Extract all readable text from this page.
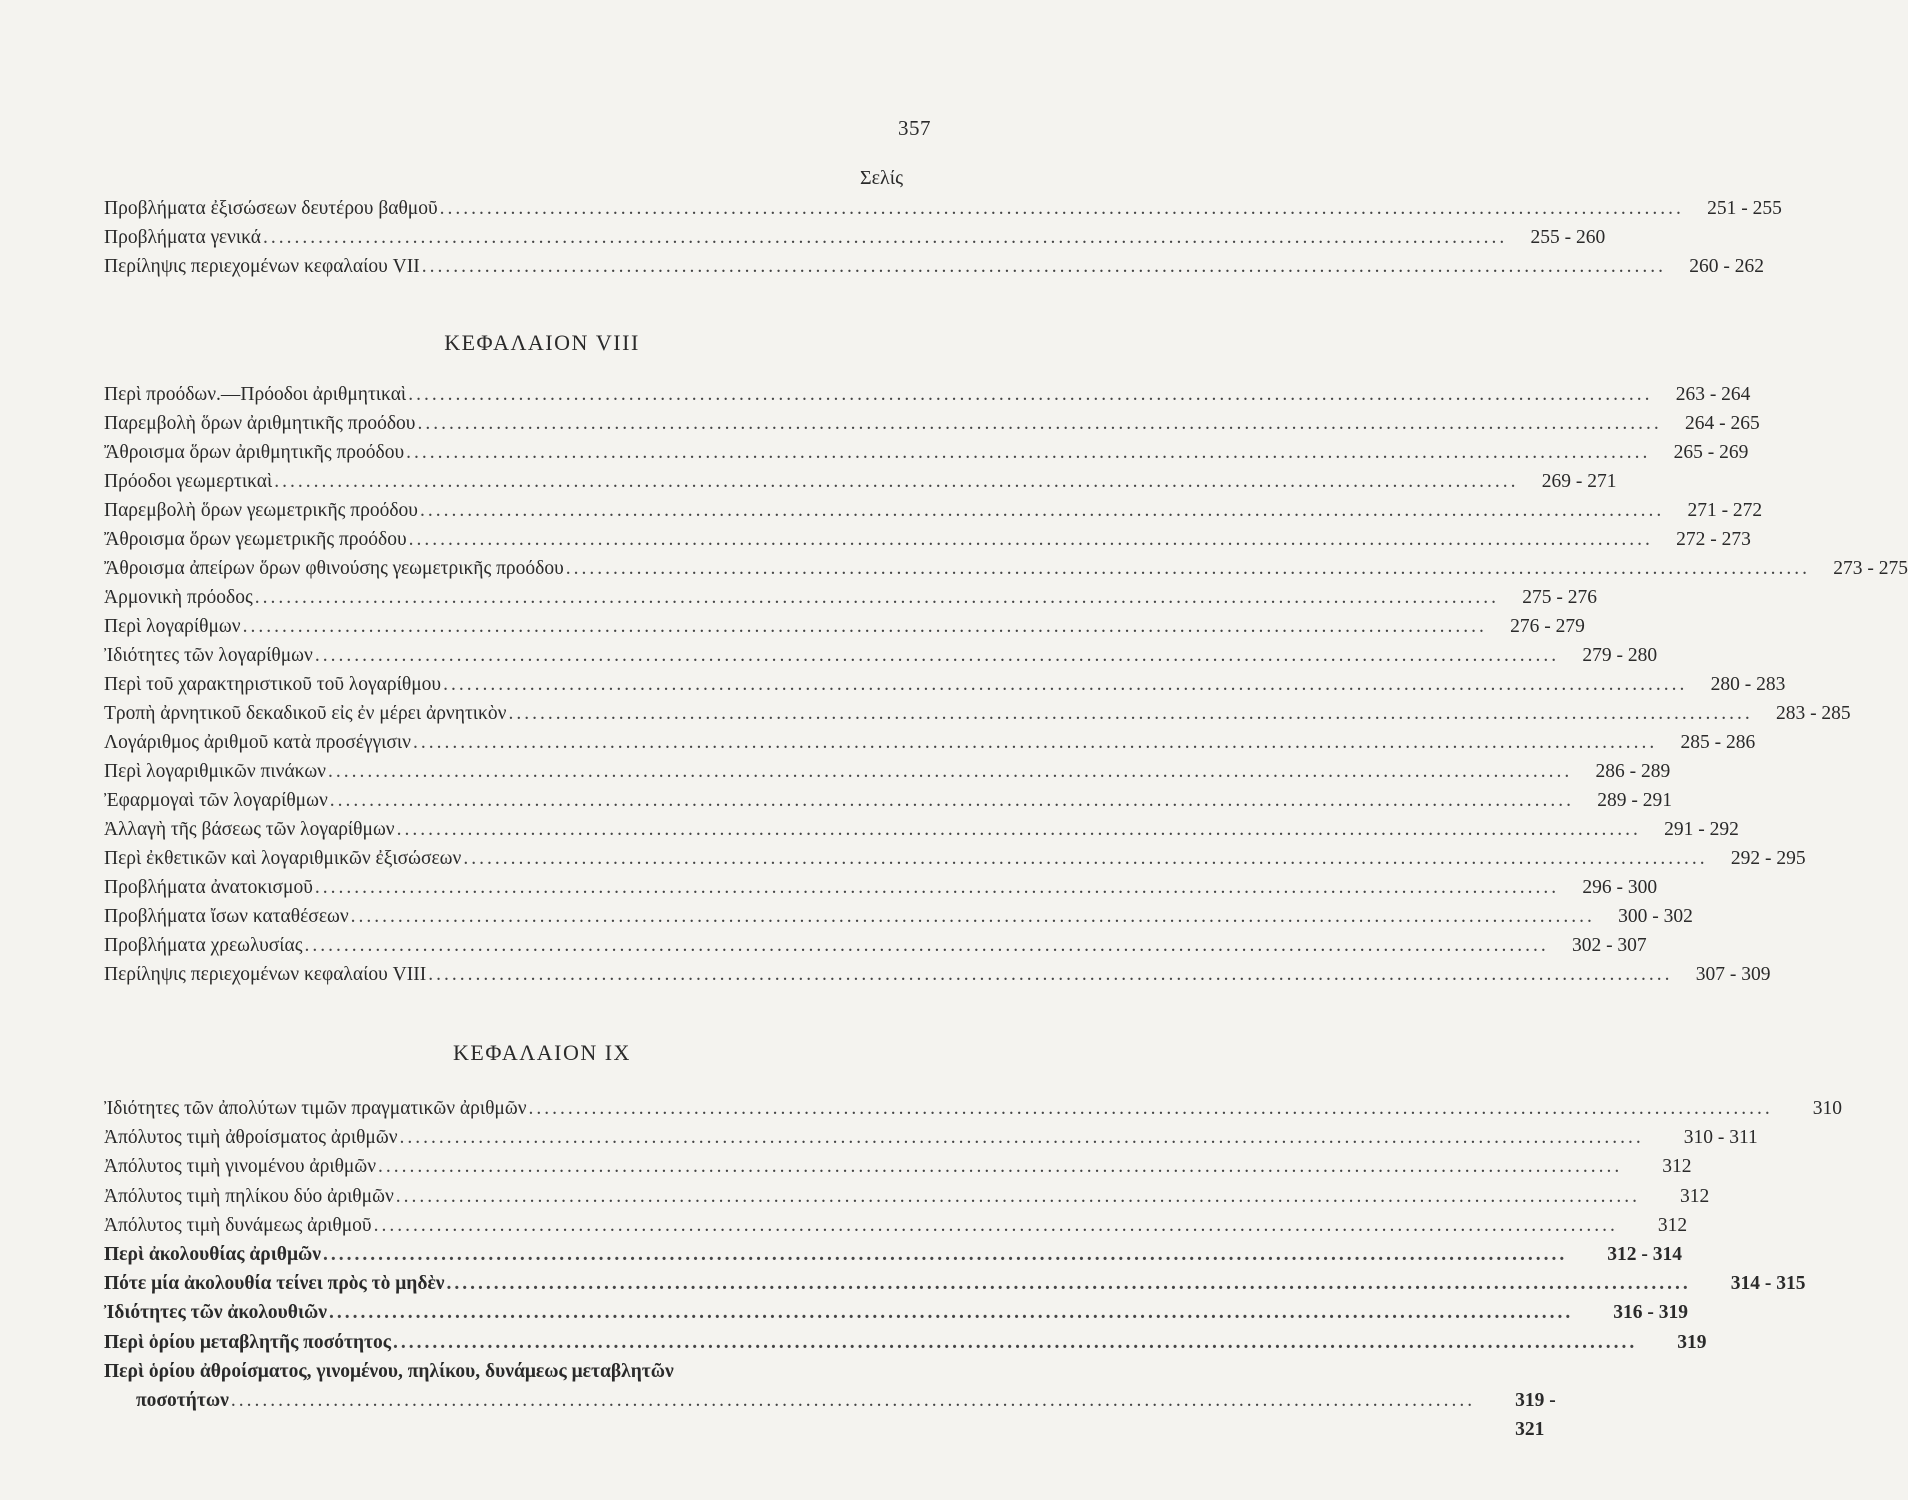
357
Σελίς
Προβλήματα ἐξισώσεων δευτέρου βαθμοῦ ..............................................................................................................................................................	251 - 255
Προβλήματα γενικά ..............................................................................................................................................................	255 - 260
Περίληψις περιεχομένων κεφαλαίου VII ..............................................................................................................................................................	260 - 262
ΚΕΦΑΛΑΙΟΝ VIII
Περὶ προόδων.—Πρόοδοι ἀριθμητικαὶ ..............................................................................................................................................................	263 - 264
Παρεμβολὴ ὅρων ἀριθμητικῆς προόδου ..............................................................................................................................................................	264 - 265
Ἄθροισμα ὅρων ἀριθμητικῆς προόδου ..............................................................................................................................................................	265 - 269
Πρόοδοι γεωμερτικαὶ ..............................................................................................................................................................	269 - 271
Παρεμβολὴ ὅρων γεωμετρικῆς προόδου ..............................................................................................................................................................	271 - 272
Ἄθροισμα ὅρων γεωμετρικῆς προόδου ..............................................................................................................................................................	272 - 273
Ἄθροισμα ἀπείρων ὅρων φθινούσης γεωμετρικῆς προόδου ..............................................................................................................................................................	273 - 275
Ἁρμονικὴ πρόοδος ..............................................................................................................................................................	275 - 276
Περὶ λογαρίθμων ..............................................................................................................................................................	276 - 279
Ἰδιότητες τῶν λογαρίθμων ..............................................................................................................................................................	279 - 280
Περὶ τοῦ χαρακτηριστικοῦ τοῦ λογαρίθμου ..............................................................................................................................................................	280 - 283
Τροπὴ ἀρνητικοῦ δεκαδικοῦ εἰς ἐν μέρει ἀρνητικὸν ..............................................................................................................................................................	283 - 285
Λογάριθμος ἀριθμοῦ κατὰ προσέγγισιν ..............................................................................................................................................................	285 - 286
Περὶ λογαριθμικῶν πινάκων ..............................................................................................................................................................	286 - 289
Ἐφαρμογαὶ τῶν λογαρίθμων ..............................................................................................................................................................	289 - 291
Ἀλλαγὴ τῆς βάσεως τῶν λογαρίθμων ..............................................................................................................................................................	291 - 292
Περὶ ἐκθετικῶν καὶ λογαριθμικῶν ἐξισώσεων ..............................................................................................................................................................	292 - 295
Προβλήματα ἀνατοκισμοῦ ..............................................................................................................................................................	296 - 300
Προβλήματα ἴσων καταθέσεων ..............................................................................................................................................................	300 - 302
Προβλήματα χρεωλυσίας ..............................................................................................................................................................	302 - 307
Περίληψις περιεχομένων κεφαλαίου VIII ..............................................................................................................................................................	307 - 309
ΚΕΦΑΛΑΙΟΝ IX
Ἰδιότητες τῶν ἀπολύτων τιμῶν πραγματικῶν ἀριθμῶν ..............................................................................................................................................................	310
Ἀπόλυτος τιμὴ ἀθροίσματος ἀριθμῶν ..............................................................................................................................................................	310 - 311
Ἀπόλυτος τιμὴ γινομένου ἀριθμῶν ..............................................................................................................................................................	312
Ἀπόλυτος τιμὴ πηλίκου δύο ἀριθμῶν ..............................................................................................................................................................	312
Ἀπόλυτος τιμὴ δυνάμεως ἀριθμοῦ ..............................................................................................................................................................	312
Περὶ ἀκολουθίας ἀριθμῶν ..............................................................................................................................................................	312 - 314
Πότε μία ἀκολουθία τείνει πρὸς τὸ μηδὲν ..............................................................................................................................................................	314 - 315
Ἰδιότητες τῶν ἀκολουθιῶν ..............................................................................................................................................................	316 - 319
Περὶ ὁρίου μεταβλητῆς ποσότητος ..............................................................................................................................................................	319
Περὶ ὁρίου ἀθροίσματος, γινομένου, πηλίκου, δυνάμεως μεταβλητῶν
ποσοτήτων ..............................................................................................................................................................	319 - 321
